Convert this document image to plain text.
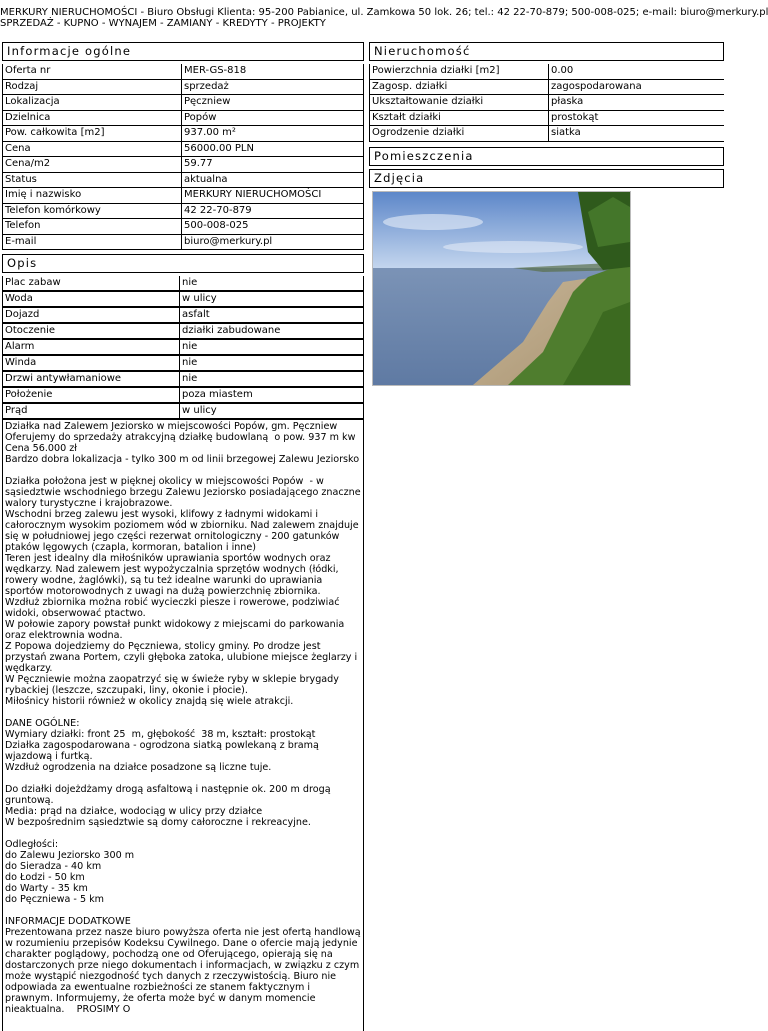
MERKURY NIERUCHOMOŚCI - Biuro Obsługi Klienta: 95-200 Pabianice, ul. Zamkowa 50 lok. 26; tel.: 42 22-70-879; 500-008-025; e-mail: biuro@merkury.pl
SPRZEDAŻ - KUPNO - WYNAJEM - ZAMIANY - KREDYTY - PROJEKTY
Informacje ogólne
Oferta nr	MER-GS-818
Rodzaj	sprzedaż
Lokalizacja	Pęczniew
Dzielnica	Popów
Pow. całkowita [m2]	937.00 m²
Cena	56000.00 PLN
Cena/m2	59.77
Status	aktualna
Imię i nazwisko	MERKURY NIERUCHOMOŚCI
Telefon komórkowy	42 22-70-879
Telefon	500-008-025
E-mail	biuro@merkury.pl
Opis
Plac zabaw	nie
Woda	w ulicy
Dojazd	asfalt
Otoczenie	działki zabudowane
Alarm	nie
Winda	nie
Drzwi antywłamaniowe	nie
Położenie	poza miastem
Prąd	w ulicy
Działka nad Zalewem Jeziorsko w miejscowości Popów, gm. Pęczniew
Oferujemy do sprzedaży atrakcyjną działkę budowlaną  o pow. 937 m kw     Cena 56.000 zł
Bardzo dobra lokalizacja - tylko 300 m od linii brzegowej Zalewu Jeziorsko

Działka położona jest w pięknej okolicy w miejscowości Popów  - w sąsiedztwie wschodniego brzegu Zalewu Jeziorsko posiadającego znaczne walory turystyczne i krajobrazowe.
Wschodni brzeg zalewu jest wysoki, klifowy z ładnymi widokami i całorocznym wysokim poziomem wód w zbiorniku. Nad zalewem znajduje się w południowej jego części rezerwat ornitologiczny - 200 gatunków ptaków lęgowych (czapla, kormoran, batalion i inne)
Teren jest idealny dla miłośników uprawiania sportów wodnych oraz wędkarzy. Nad zalewem jest wypożyczalnia sprzętów wodnych (łódki, rowery wodne, żaglówki), są tu też idealne warunki do uprawiania sportów motorowodnych z uwagi na dużą powierzchnię zbiornika.
Wzdłuż zbiornika można robić wycieczki piesze i rowerowe, podziwiać widoki, obserwować ptactwo.
W połowie zapory powstał punkt widokowy z miejscami do parkowania oraz elektrownia wodna.
Z Popowa dojedziemy do Pęczniewa, stolicy gminy. Po drodze jest przystań zwana Portem, czyli głęboka zatoka, ulubione miejsce żeglarzy i wędkarzy.
W Pęczniewie można zaopatrzyć się w świeże ryby w sklepie brygady rybackiej (leszcze, szczupaki, liny, okonie i płocie).
Miłośnicy historii również w okolicy znajdą się wiele atrakcji.

DANE OGÓLNE:
Wymiary działki: front 25  m, głębokość  38 m, kształt: prostokąt
Działka zagospodarowana - ogrodzona siatką powlekaną z bramą wjazdową i furtką.
Wzdłuż ogrodzenia na działce posadzone są liczne tuje.

Do działki dojeżdżamy drogą asfaltową i następnie ok. 200 m drogą gruntową.
Media: prąd na działce, wodociąg w ulicy przy działce
W bezpośrednim sąsiedztwie są domy całoroczne i rekreacyjne.

Odległości:
do Zalewu Jeziorsko 300 m
do Sieradza - 40 km
do Łodzi - 50 km
do Warty - 35 km
do Pęczniewa - 5 km

INFORMACJE DODATKOWE
Prezentowana przez nasze biuro powyższa oferta nie jest ofertą handlową w rozumieniu przepisów Kodeksu Cywilnego. Dane o ofercie mają jedynie charakter poglądowy, pochodzą one od Oferującego, opierają się na dostarczonych prze niego dokumentach i informacjach, w związku z czym może wystąpić niezgodność tych danych z rzeczywistością. Biuro nie odpowiada za ewentualne rozbieżności ze stanem faktycznym i prawnym. Informujemy, że oferta może być w danym momencie nieaktualna.    PROSIMY O
Nieruchomość
Powierzchnia działki [m2]	0.00
Zagosp. działki	zagospodarowana
Ukształtowanie działki	płaska
Kształt działki	prostokąt
Ogrodzenie działki	siatka
Pomieszczenia
Zdjęcia
